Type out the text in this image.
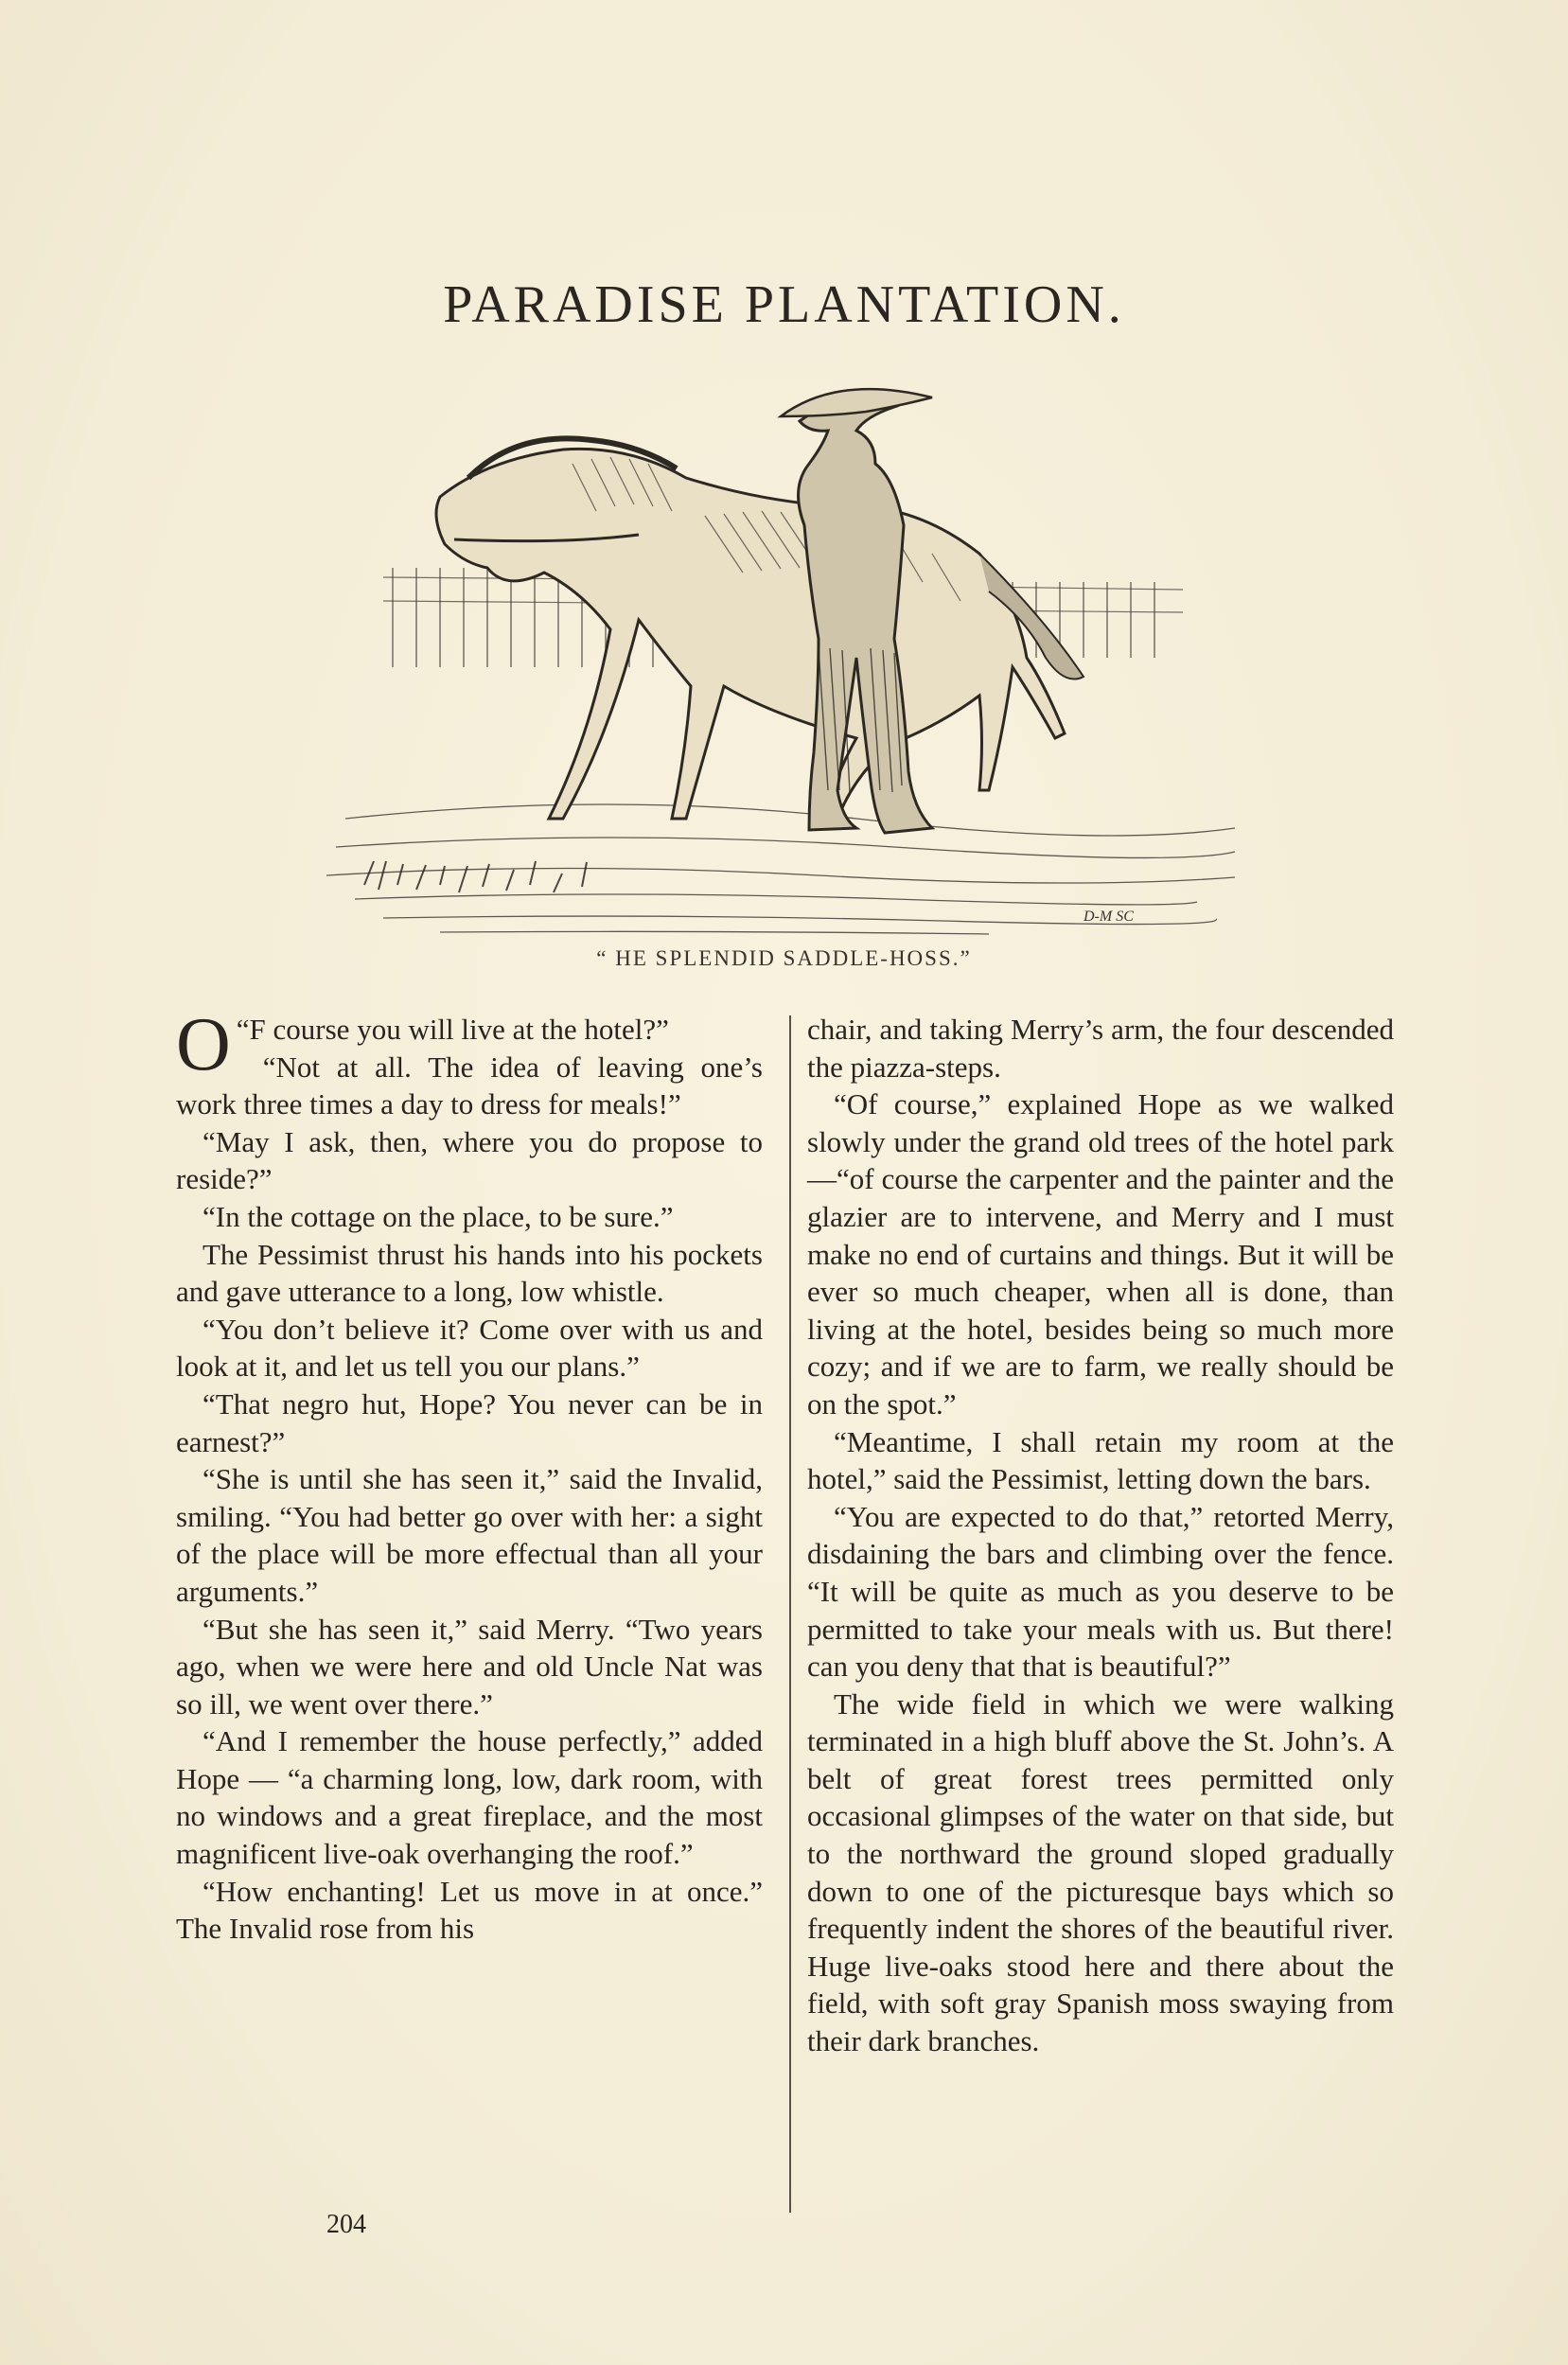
PARADISE PLANTATION.
D-M SC
“ HE SPLENDID SADDLE-HOSS.”

“
O F course you will live at the hotel?”

“Not at all. The idea of leaving one’s work three times a day to dress for meals!”

“May I ask, then, where you do propose to reside?”

“In the cottage on the place, to be sure.”

The Pessimist thrust his hands into his pockets and gave utterance to a long, low whistle.

“You don’t believe it? Come over with us and look at it, and let us tell you our plans.”

“That negro hut, Hope? You never can be in earnest?”

“She is until she has seen it,” said the Invalid, smiling. “You had better go over with her: a sight of the place will be more effectual than all your arguments.”

“But she has seen it,” said Merry. “Two years ago, when we were here and old Uncle Nat was so ill, we went over there.”

“And I remember the house perfectly,” added Hope — “a charming long, low, dark room, with no windows and a great fireplace, and the most magnificent live-oak overhanging the roof.”

“How enchanting! Let us move in at once.” The Invalid rose from his

chair, and taking Merry’s arm, the four descended the piazza-steps.

“Of course,” explained Hope as we walked slowly under the grand old trees of the hotel park—“of course the carpenter and the painter and the glazier are to intervene, and Merry and I must make no end of curtains and things. But it will be ever so much cheaper, when all is done, than living at the hotel, besides being so much more cozy; and if we are to farm, we really should be on the spot.”

“Meantime, I shall retain my room at the hotel,” said the Pessimist, letting down the bars.

“You are expected to do that,” retorted Merry, disdaining the bars and climbing over the fence. “It will be quite as much as you deserve to be permitted to take your meals with us. But there! can you deny that that is beautiful?”

The wide field in which we were walking terminated in a high bluff above the St. John’s. A belt of great forest trees permitted only occasional glimpses of the water on that side, but to the northward the ground sloped gradually down to one of the picturesque bays which so frequently indent the shores of the beautiful river. Huge live-oaks stood here and there about the field, with soft gray Spanish moss swaying from their dark branches.

204
